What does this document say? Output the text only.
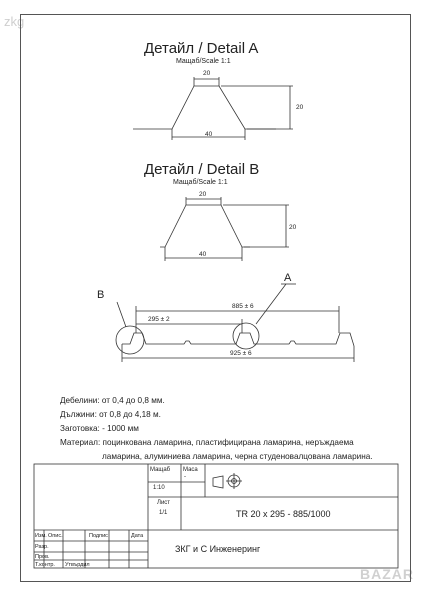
zkg
BAZAR
Детайл / Detail A
Мащаб/Scale 1:1
20
20
40
Детайл / Detail B
Мащаб/Scale 1:1
20
20
40
B
A
885 ± 6
295 ± 2
925 ± 6
Дебелини: от 0,4 до 0,8 мм.
Дължини: от 0,8 до 4,18 м.
Заготовка: - 1000 мм
Материал: поцинкована ламарина, пластифицирана ламарина, неръждаема
ламарина, алуминиева ламарина, черна студеновалцована ламарина.
Мащаб
1:10
Маса
-
Лист
1/1	TR 20 x 295 - 885/1000
ЗКГ и С Инженеринг
Изм. Опис.	Подпис	Дата
Разр.
Пров.
Т.контр. Утвърдил
